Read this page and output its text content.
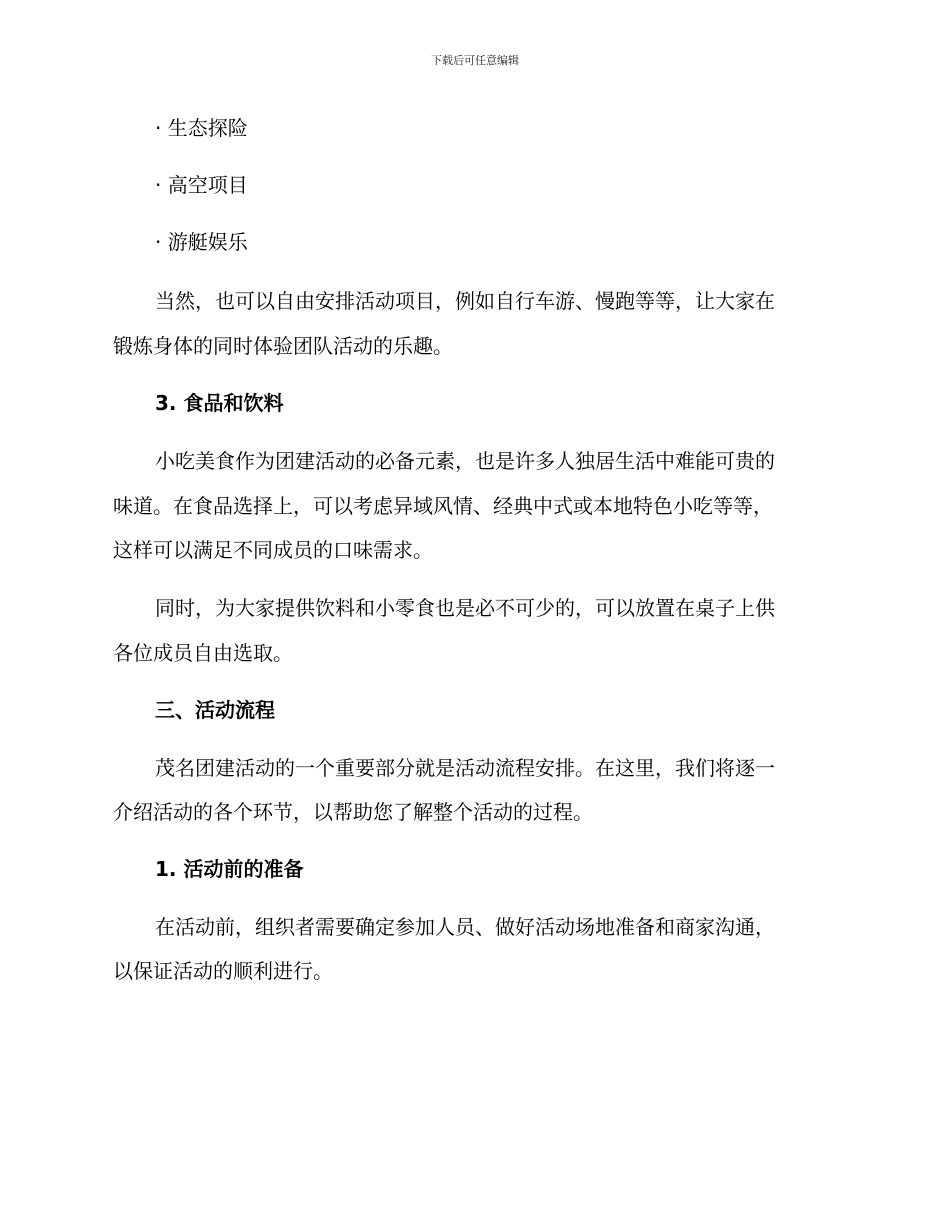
下载后可任意编辑
· 生态探险
· 高空项目
· 游艇娱乐
当然，也可以自由安排活动项目，例如自行车游、慢跑等等，让大家在
锻炼身体的同时体验团队活动的乐趣。
3. 食品和饮料
小吃美食作为团建活动的必备元素，也是许多人独居生活中难能可贵的
味道。在食品选择上，可以考虑异域风情、经典中式或本地特色小吃等等，
这样可以满足不同成员的口味需求。
同时，为大家提供饮料和小零食也是必不可少的，可以放置在桌子上供
各位成员自由选取。
三、活动流程
茂名团建活动的一个重要部分就是活动流程安排。在这里，我们将逐一
介绍活动的各个环节，以帮助您了解整个活动的过程。
1. 活动前的准备
在活动前，组织者需要确定参加人员、做好活动场地准备和商家沟通，
以保证活动的顺利进行。
